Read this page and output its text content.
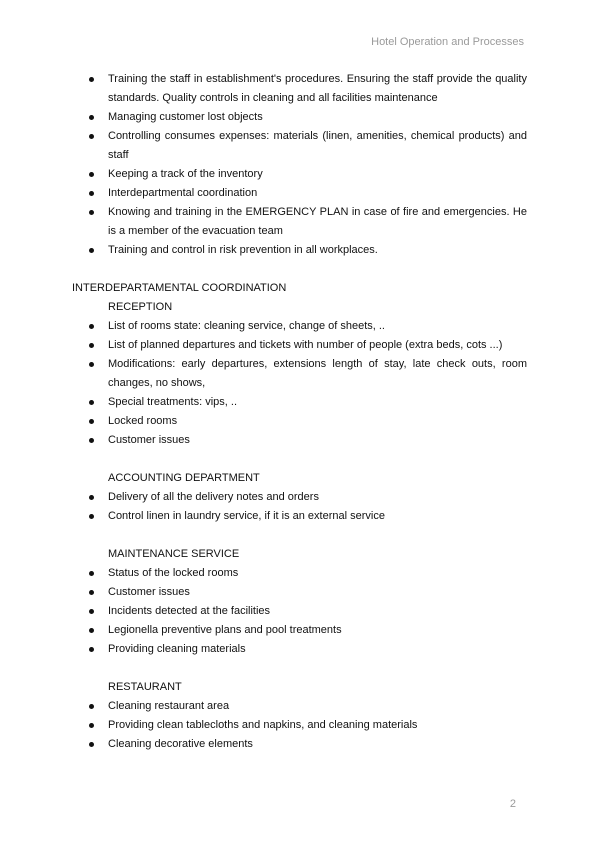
Hotel Operation and Processes
Training the staff in establishment's procedures. Ensuring the staff provide the quality standards. Quality controls in cleaning and all facilities maintenance
Managing customer lost objects
Controlling consumes expenses: materials (linen, amenities, chemical products) and staff
Keeping a track of the inventory
Interdepartmental coordination
Knowing and training in the EMERGENCY PLAN in case of fire and emergencies. He is a member of the evacuation team
Training and control in risk prevention in all workplaces.
INTERDEPARTAMENTAL COORDINATION
RECEPTION
List of rooms state: cleaning service, change of sheets, ..
List of planned departures and tickets with number of people (extra beds, cots ...)
Modifications: early departures, extensions length of stay, late check outs, room changes, no shows,
Special treatments: vips, ..
Locked rooms
Customer issues
ACCOUNTING DEPARTMENT
Delivery of all the delivery notes and orders
Control linen in laundry service, if it is an external service
MAINTENANCE SERVICE
Status of the locked rooms
Customer issues
Incidents detected at the facilities
Legionella preventive plans and pool treatments
Providing cleaning materials
RESTAURANT
Cleaning restaurant area
Providing clean tablecloths and napkins, and cleaning materials
Cleaning decorative elements
2
